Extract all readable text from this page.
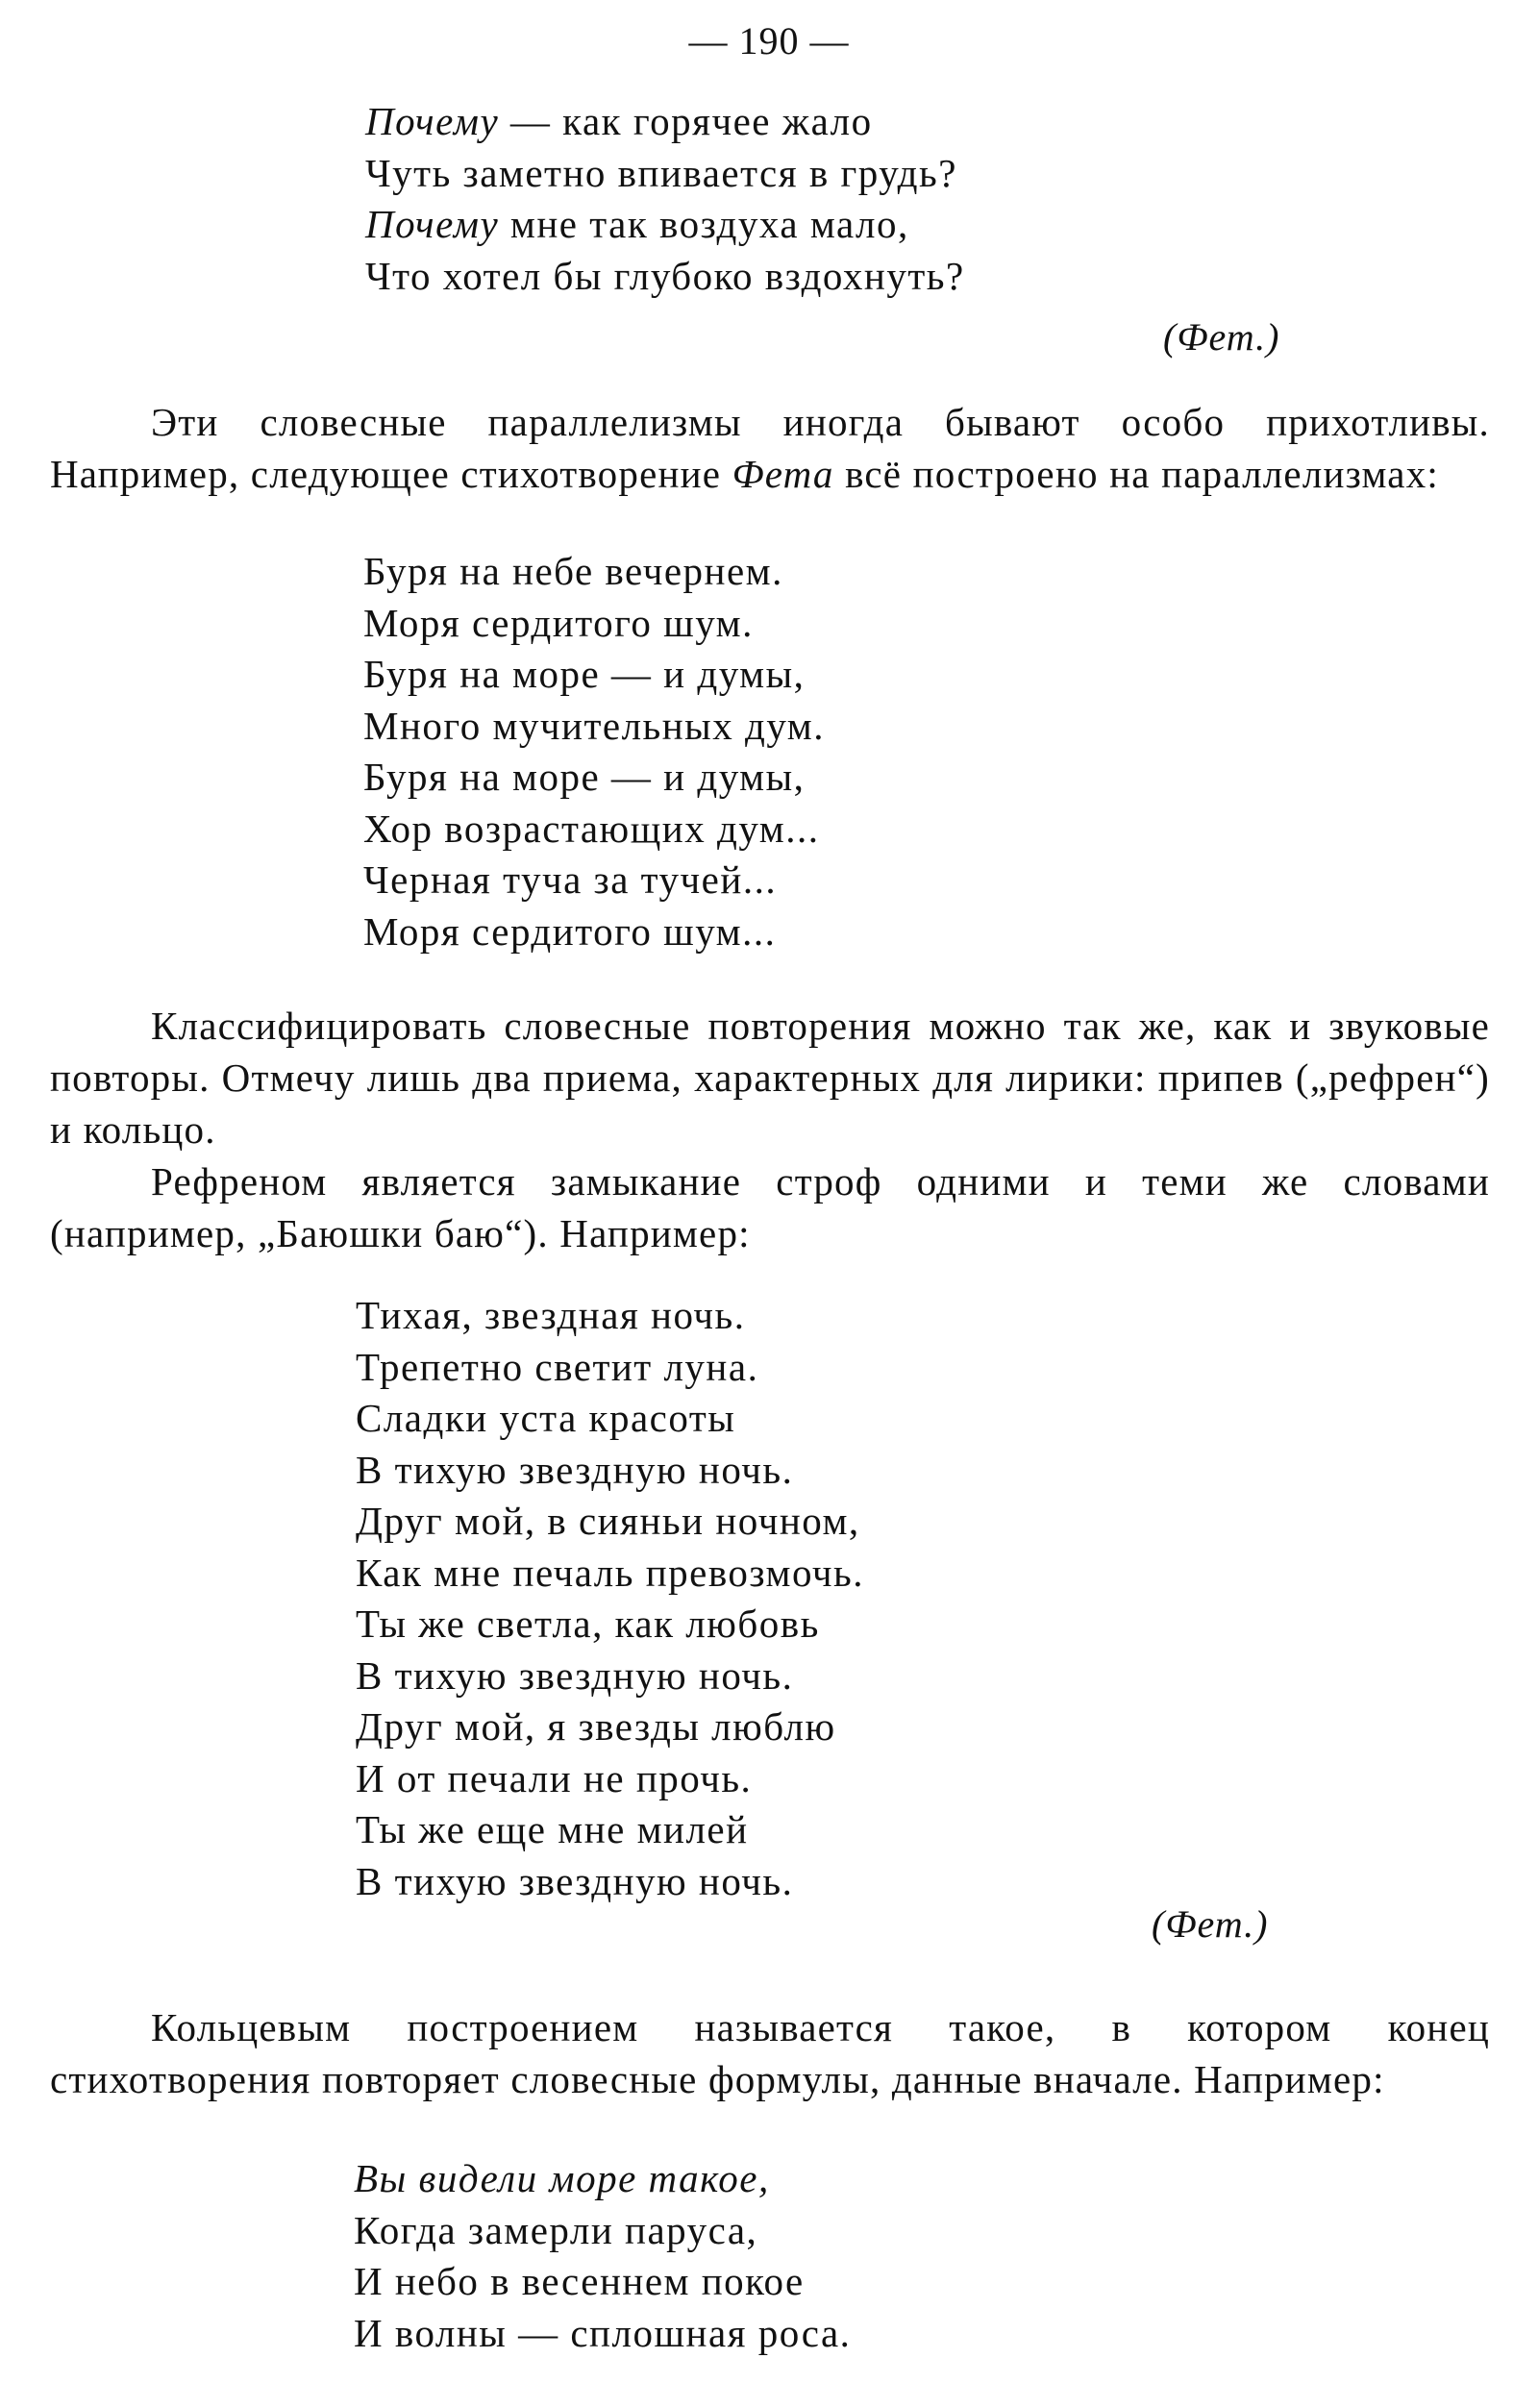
— 190 —
Почему — как горячее жало
Чуть заметно впивается в грудь?
Почему мне так воздуха мало,
Что хотел бы глубоко вздохнуть?
(Фет.)

Эти словесные параллелизмы иногда бывают особо прихотливы. Например, следующее стихотворение Фета всё построено на параллелизмах:

Буря на небе вечернем.
Моря сердитого шум.
Буря на море — и думы,
Много мучительных дум.
Буря на море — и думы,
Хор возрастающих дум...
Черная туча за тучей...
Моря сердитого шум...

Классифицировать словесные повторения можно так же, как и звуковые повторы. Отмечу лишь два приема, характерных для лирики: припев („рефрен“) и кольцо.

Рефреном является замыкание строф одними и теми же словами (например, „Баюшки баю“). Например:

Тихая, звездная ночь.
Трепетно светит луна.
Сладки уста красоты
В тихую звездную ночь.
Друг мой, в сияньи ночном,
Как мне печаль превозмочь.
Ты же светла, как любовь
В тихую звездную ночь.
Друг мой, я звезды люблю
И от печали не прочь.
Ты же еще мне милей
В тихую звездную ночь.
(Фет.)

Кольцевым построением называется такое, в котором конец стихотворения повторяет словесные формулы, данные вначале. Например:

Вы видели море такое,
Когда замерли паруса,
И небо в весеннем покое
И волны — сплошная роса.
